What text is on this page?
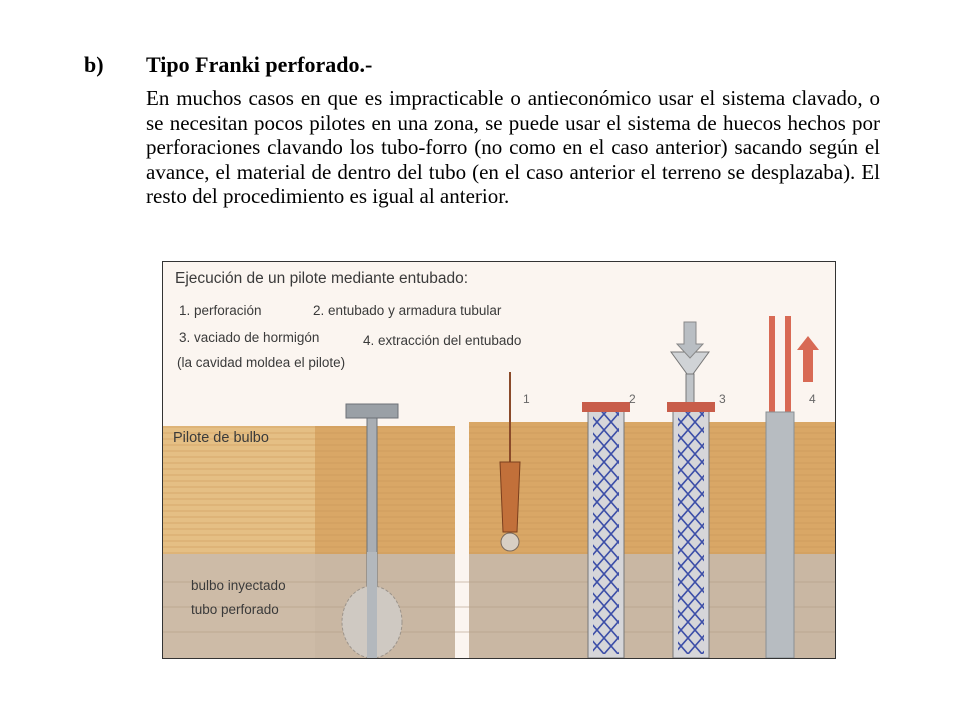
b) Tipo Franki perforado.-
En muchos casos en que es impracticable o antieconómico usar el sistema clavado, o se necesitan pocos pilotes en una zona, se puede usar el sistema de huecos hechos por perforaciones clavando los tubo-forro (no como en el caso anterior) sacando según el avance, el material de dentro del tubo (en el caso anterior el terreno se desplazaba). El resto del procedimiento es igual al anterior.
Ejecución de un pilote mediante entubado:
1. perforación	2. entubado y armadura tubular
3. vaciado de hormigón	4. extracción del entubado
(la cavidad moldea el pilote)
Pilote de bulbo
bulbo inyectado
tubo perforado
1	2	3	4
